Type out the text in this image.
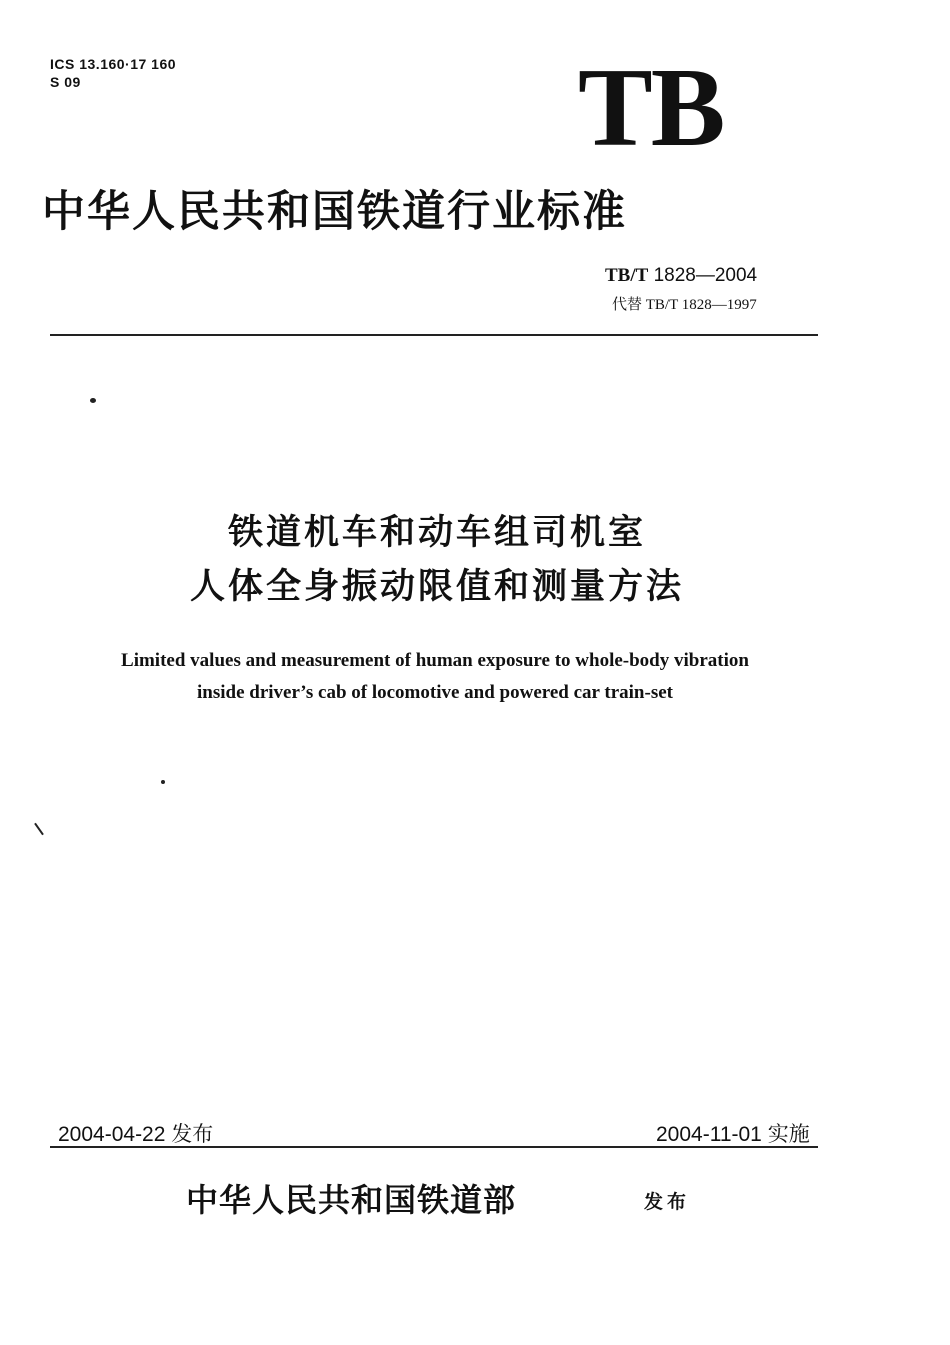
ICS 13.160·17 160
S 09	TB
中华人民共和国铁道行业标准
TB/T 1828—2004
代替 TB/T 1828—1997
铁道机车和动车组司机室
人体全身振动限值和测量方法
Limited values and measurement of human exposure to whole-body vibration
inside driver’s cab of locomotive and powered car train-set
2004-04-22 发布	2004-11-01 实施
中华人民共和国铁道部	发布
